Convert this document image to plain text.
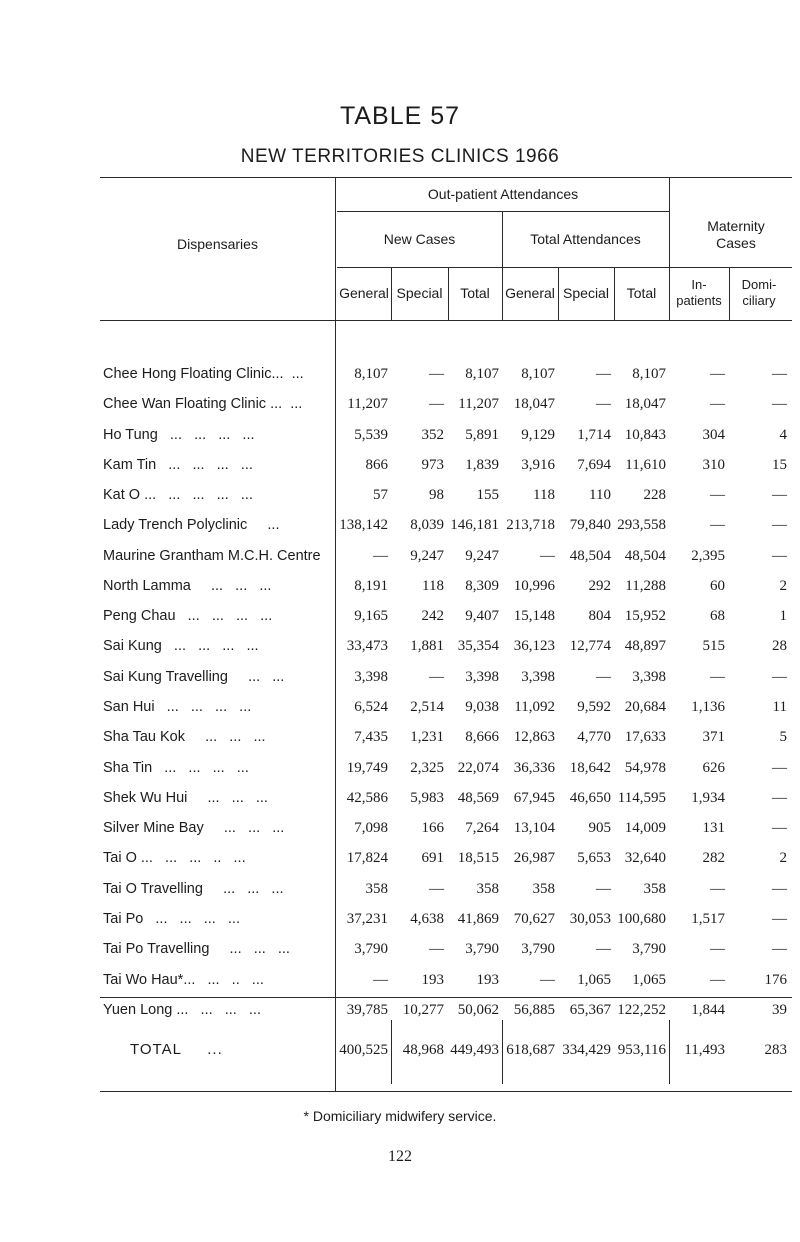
TABLE 57
NEW TERRITORIES CLINICS 1966
Dispensaries
Out-patient Attendances
Maternity Cases
New Cases	Total Attendances
General Special	Total	General Special	Total
In- patients
Domi- ciliary
Chee Hong Floating Clinic...  ...	8,107	— 8,107 8,107	— 8,107	—	—
Chee Wan Floating Clinic ...  ...	11,207	— 11,207 18,047	— 18,047	—	—
Ho Tung   ...   ...   ...   ...	5,539 352 5,891 9,129 1,714 10,843 304	4
Kam Tin   ...   ...   ...   ...	866 973 1,839 3,916 7,694 11,610 310	15
Kat O ...   ...   ...   ...   ...	57	98 155 118 110 228	—	—
Lady Trench Polyclinic     ...	138,142 8,039 146,181 213,718 79,840 293,558	—	—
Maurine Grantham M.C.H. Centre	— 9,247 9,247	— 48,504 48,504 2,395	—
North Lamma     ...   ...   ...	8,191 118 8,309 10,996 292 11,288	60	2
Peng Chau   ...   ...   ...   ...	9,165 242 9,407 15,148 804 15,952	68	1
Sai Kung   ...   ...   ...   ...	33,473 1,881 35,354 36,123 12,774 48,897 515	28
Sai Kung Travelling     ...   ...	3,398	— 3,398 3,398	— 3,398	—	—
San Hui   ...   ...   ...   ...	6,524 2,514 9,038 11,092 9,592 20,684 1,136	11
Sha Tau Kok     ...   ...   ...	7,435 1,231 8,666 12,863 4,770 17,633 371	5
Sha Tin   ...   ...   ...   ...	19,749 2,325 22,074 36,336 18,642 54,978 626	—
Shek Wu Hui     ...   ...   ...	42,586 5,983 48,569 67,945 46,650 114,595 1,934	—
Silver Mine Bay     ...   ...   ...	7,098 166 7,264 13,104 905 14,009 131	—
Tai O ...   ...   ...   ..   ...	17,824 691 18,515 26,987 5,653 32,640 282	2
Tai O Travelling     ...   ...   ...	358	— 358 358	— 358	—	—
Tai Po   ...   ...   ...   ...	37,231 4,638 41,869 70,627 30,053 100,680 1,517	—
Tai Po Travelling     ...   ...   ...	3,790	— 3,790 3,790	— 3,790	—	—
Tai Wo Hau*...   ...   ..   ...	— 193 193	— 1,065 1,065	—	176
Yuen Long ...   ...   ...   ...	39,785 10,277 50,062 56,885 65,367 122,252 1,844	39
TOTAL     ...	400,525 48,968 449,493 618,687 334,429 953,116 11,493	283
* Domiciliary midwifery service.
122
